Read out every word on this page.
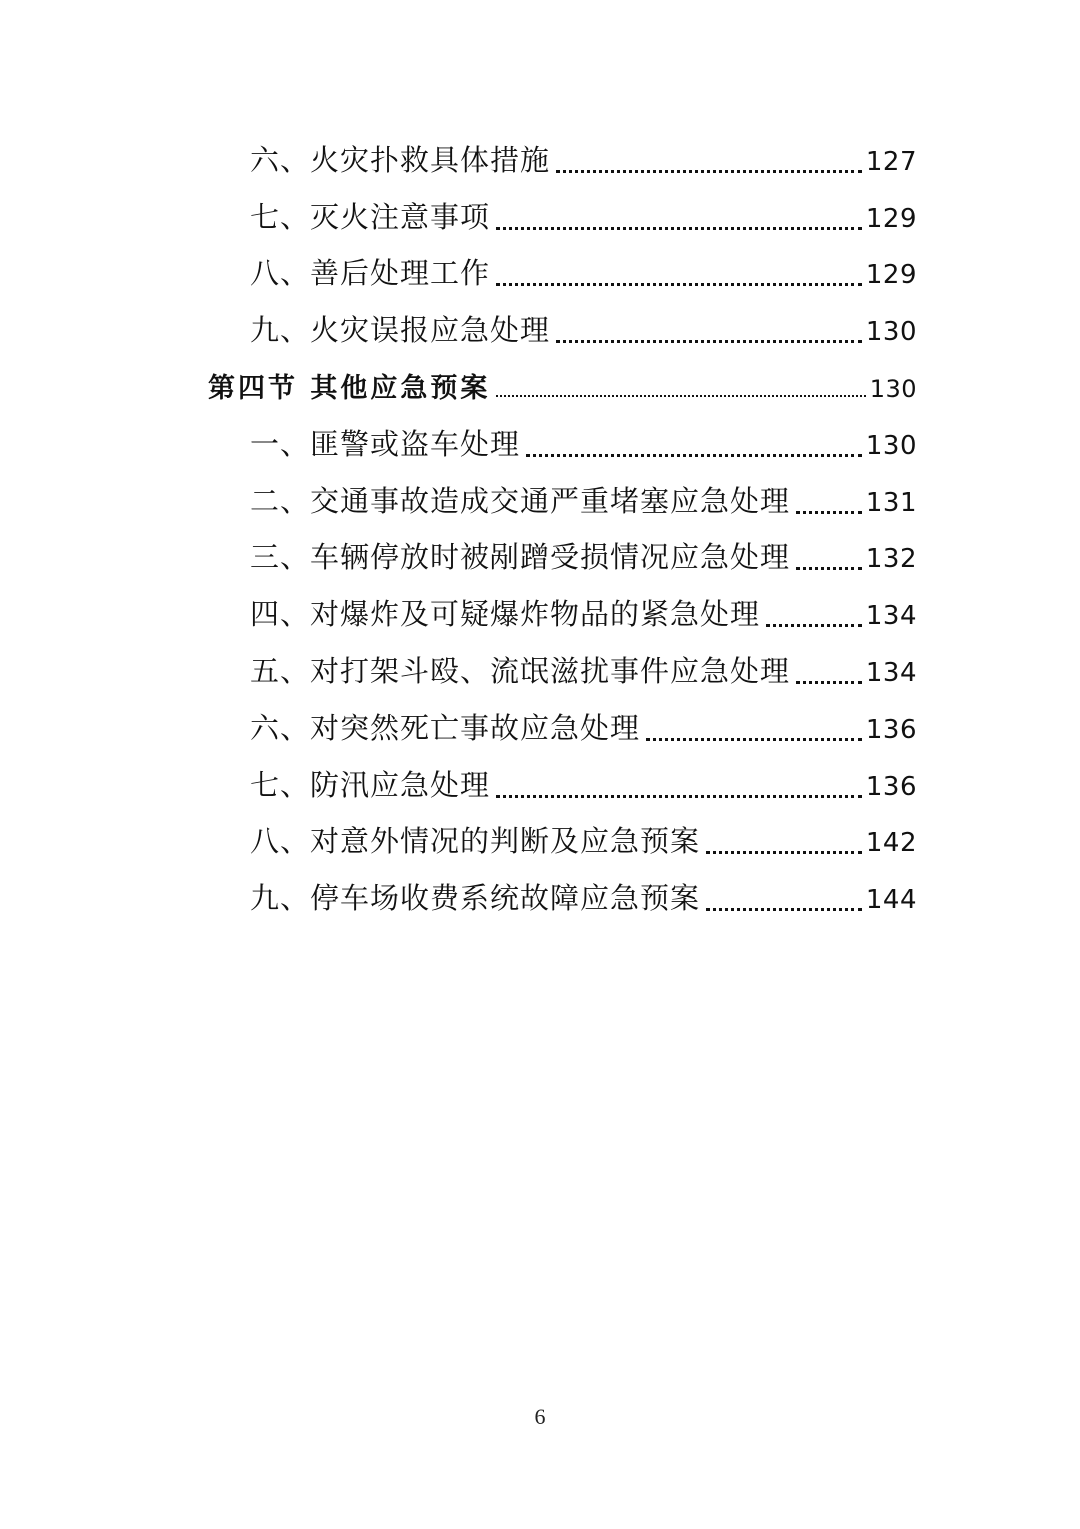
六、火灾扑救具体措施	127
七、灭火注意事项	129
八、善后处理工作	129
九、火灾误报应急处理	130
第四节 其他应急预案	130
一、匪警或盗车处理	130
二、交通事故造成交通严重堵塞应急处理	131
三、车辆停放时被剐蹭受损情况应急处理	132
四、对爆炸及可疑爆炸物品的紧急处理	134
五、对打架斗殴、流氓滋扰事件应急处理	134
六、对突然死亡事故应急处理	136
七、防汛应急处理	136
八、对意外情况的判断及应急预案	142
九、停车场收费系统故障应急预案	144
6
